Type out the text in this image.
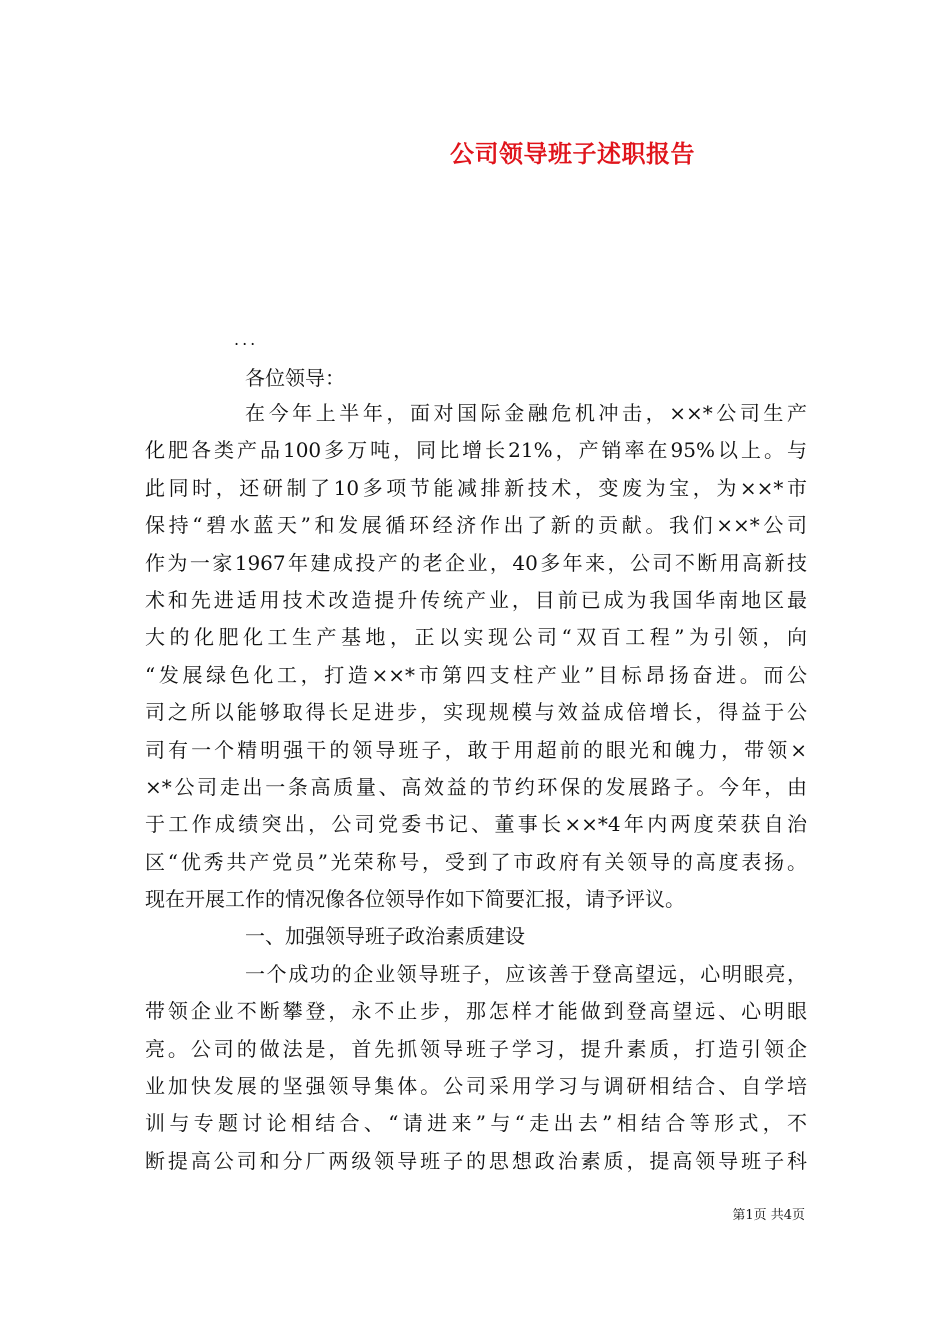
公司领导班子述职报告
...
各位领导：
在今年上半年，面对国际金融危机冲击，××*公司生产
化肥各类产品100多万吨，同比增长21%，产销率在95%以上。与
此同时，还研制了10多项节能减排新技术，变废为宝，为××*市
保持“碧水蓝天”和发展循环经济作出了新的贡献。我们××*公司
作为一家1967年建成投产的老企业，40多年来，公司不断用高新技
术和先进适用技术改造提升传统产业，目前已成为我国华南地区最
大的化肥化工生产基地，正以实现公司“双百工程”为引领，向
“发展绿色化工，打造××*市第四支柱产业”目标昂扬奋进。而公
司之所以能够取得长足进步，实现规模与效益成倍增长，得益于公
司有一个精明强干的领导班子，敢于用超前的眼光和魄力，带领×
×*公司走出一条高质量、高效益的节约环保的发展路子。今年，由
于工作成绩突出，公司党委书记、董事长××*4年内两度荣获自治
区“优秀共产党员”光荣称号，受到了市政府有关领导的高度表扬。
现在开展工作的情况像各位领导作如下简要汇报，请予评议。
一、加强领导班子政治素质建设
一个成功的企业领导班子，应该善于登高望远，心明眼亮，
带领企业不断攀登，永不止步，那怎样才能做到登高望远、心明眼
亮。公司的做法是，首先抓领导班子学习，提升素质，打造引领企
业加快发展的坚强领导集体。公司采用学习与调研相结合、自学培
训与专题讨论相结合、“请进来”与“走出去”相结合等形式，不
断提高公司和分厂两级领导班子的思想政治素质，提高领导班子科
第1页 共4页
